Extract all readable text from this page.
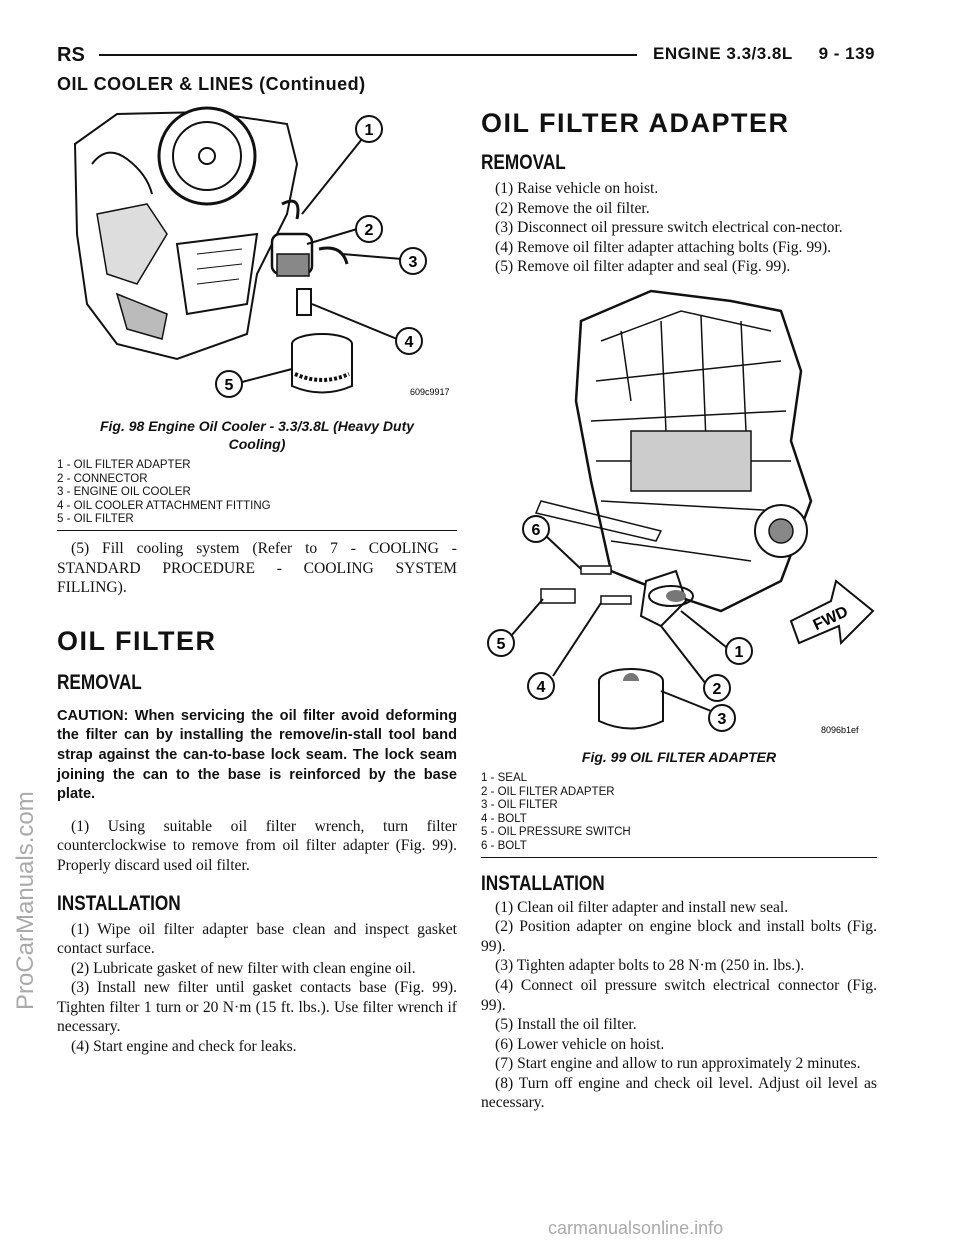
RS	ENGINE 3.3/3.8L     9 - 139
OIL COOLER & LINES (Continued)
1
2
3
4
5	609c9917
Fig. 98 Engine Oil Cooler - 3.3/3.8L (Heavy Duty Cooling)
1 - OIL FILTER ADAPTER
2 - CONNECTOR
3 - ENGINE OIL COOLER
4 - OIL COOLER ATTACHMENT FITTING
5 - OIL FILTER

(5) Fill cooling system (Refer to 7 - COOLING - STANDARD PROCEDURE - COOLING SYSTEM FILLING).

OIL FILTER
REMOVAL

CAUTION: When servicing the oil filter avoid deforming the filter can by installing the remove/in-stall tool band strap against the can-to-base lock seam. The lock seam joining the can to the base is reinforced by the base plate.

(1) Using suitable oil filter wrench, turn filter counterclockwise to remove from oil filter adapter (Fig. 99). Properly discard used oil filter.

INSTALLATION

(1) Wipe oil filter adapter base clean and inspect gasket contact surface.

(2) Lubricate gasket of new filter with clean engine oil.

(3) Install new filter until gasket contacts base (Fig. 99). Tighten filter 1 turn or 20 N·m (15 ft. lbs.). Use filter wrench if necessary.

(4) Start engine and check for leaks.

OIL FILTER ADAPTER
REMOVAL

(1) Raise vehicle on hoist.

(2) Remove the oil filter.

(3) Disconnect oil pressure switch electrical con-nector.

(4) Remove oil filter adapter attaching bolts (Fig. 99).

(5) Remove oil filter adapter and seal (Fig. 99).

FWD
6
5
4
1
2
3
8096b1ef
Fig. 99 OIL FILTER ADAPTER
1 - SEAL
2 - OIL FILTER ADAPTER
3 - OIL FILTER
4 - BOLT
5 - OIL PRESSURE SWITCH
6 - BOLT
INSTALLATION

(1) Clean oil filter adapter and install new seal.

(2) Position adapter on engine block and install bolts (Fig. 99).

(3) Tighten adapter bolts to 28 N·m (250 in. lbs.).

(4) Connect oil pressure switch electrical connector (Fig. 99).

(5) Install the oil filter.

(6) Lower vehicle on hoist.

(7) Start engine and allow to run approximately 2 minutes.

(8) Turn off engine and check oil level. Adjust oil level as necessary.

ProCarManuals.com
carmanualsonline.info
